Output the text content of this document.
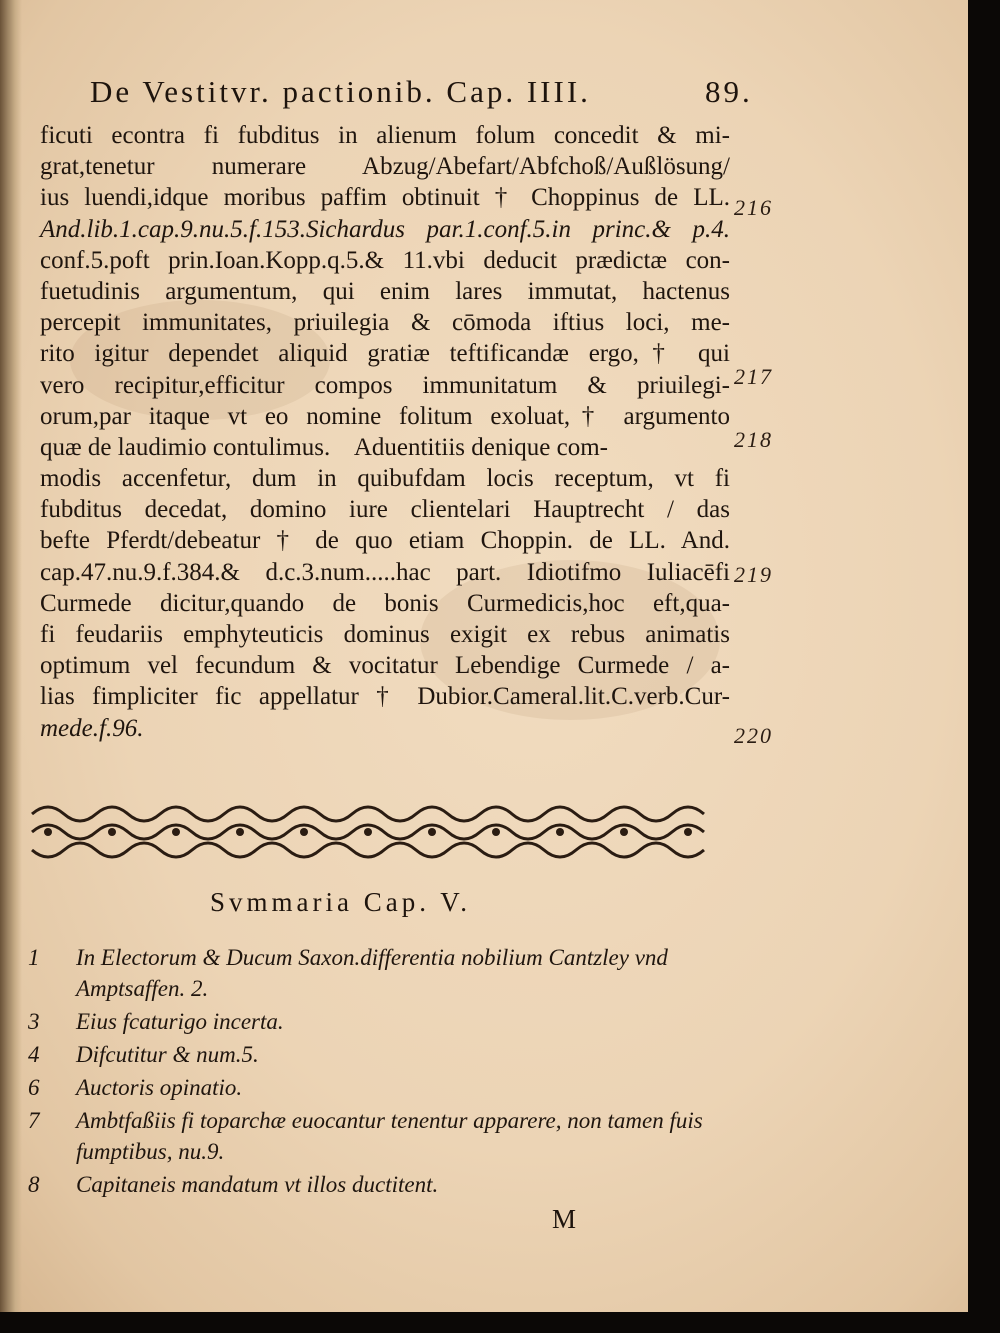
De Vestitvr. pactionib. Cap. IIII.	89.
ficuti econtra fi fubditus in alienum folum concedit & mi-
grat,tenetur numerare Abzug/Abefart/Abfchoß/Außlösung/
ius luendi,idque moribus paffim obtinuit † Choppinus de LL.
And.lib.1.cap.9.nu.5.f.153.Sichardus par.1.conf.5.in princ.& p.4.
conf.5.poft prin.Ioan.Kopp.q.5.& 11.vbi deducit prædictæ con-
fuetudinis argumentum, qui enim lares immutat, hactenus
percepit immunitates, priuilegia & cōmoda iftius loci, me-
rito igitur dependet aliquid gratiæ teftificandæ ergo,† qui
vero recipitur,efficitur compos immunitatum & priuilegi-
orum,par itaque vt eo nomine folitum exoluat,† argumento
quæ de laudimio contulimus.    Aduentitiis denique com-
modis accenfetur, dum in quibufdam locis receptum, vt fi
fubditus decedat, domino iure clientelari Hauptrecht / das
befte Pferdt/debeatur † de quo etiam Choppin. de LL. And.
cap.47.nu.9.f.384.& d.c.3.num.....hac part. Idiotifmo Iuliacēfi
Curmede dicitur,quando de bonis Curmedicis,hoc eft,qua-
fi feudariis emphyteuticis dominus exigit ex rebus animatis
optimum vel fecundum & vocitatur Lebendige Curmede / a-
lias fimpliciter fic appellatur † Dubior.Cameral.lit.C.verb.Cur-
mede.f.96.
216
217
218
219
220
Svmmaria Cap. V.
1 In Electorum & Ducum Saxon.differentia nobilium Cantzley vnd Amptsaffen. 2.
3 Eius fcaturigo incerta.
4 Difcutitur & num.5.
6 Auctoris opinatio.
7 Ambtfaßiis fi toparchæ euocantur tenentur apparere, non tamen fuis fumptibus, nu.9.
8 Capitaneis mandatum vt illos ductitent.
M
